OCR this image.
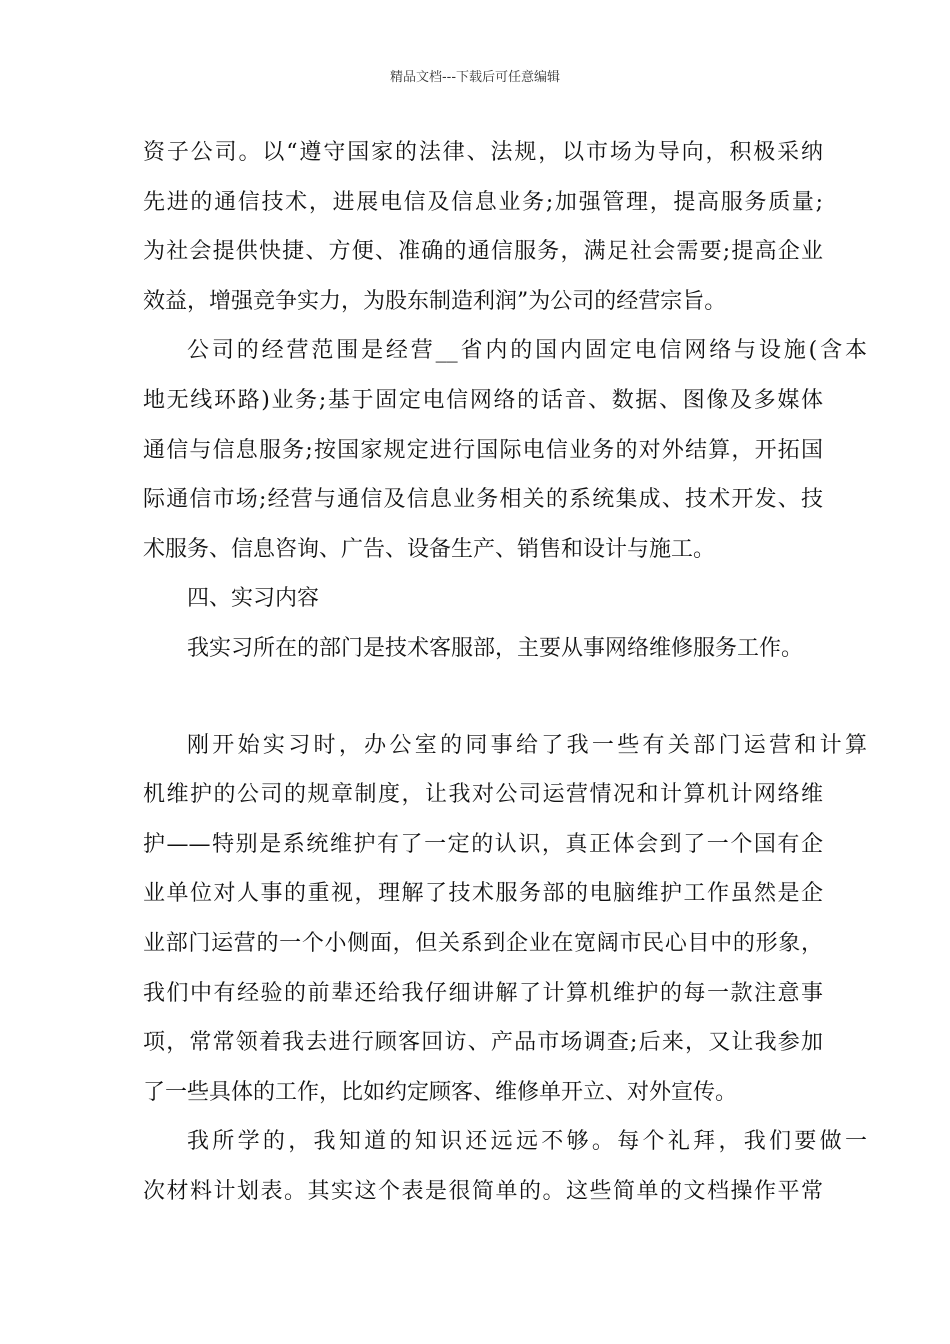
精品文档---下载后可任意编辑
资子公司。以“遵守国家的法律、法规，以市场为导向，积极采纳
先进的通信技术，进展电信及信息业务;加强管理，提高服务质量;
为社会提供快捷、方便、准确的通信服务，满足社会需要;提高企业
效益，增强竞争实力，为股东制造利润”为公司的经营宗旨。
公司的经营范围是经营__省内的国内固定电信网络与设施(含本
地无线环路)业务;基于固定电信网络的话音、数据、图像及多媒体
通信与信息服务;按国家规定进行国际电信业务的对外结算，开拓国
际通信市场;经营与通信及信息业务相关的系统集成、技术开发、技
术服务、信息咨询、广告、设备生产、销售和设计与施工。
四、实习内容
我实习所在的部门是技术客服部，主要从事网络维修服务工作。
刚开始实习时，办公室的同事给了我一些有关部门运营和计算
机维护的公司的规章制度，让我对公司运营情况和计算机计网络维
护——特别是系统维护有了一定的认识，真正体会到了一个国有企
业单位对人事的重视，理解了技术服务部的电脑维护工作虽然是企
业部门运营的一个小侧面，但关系到企业在宽阔市民心目中的形象，
我们中有经验的前辈还给我仔细讲解了计算机维护的每一款注意事
项，常常领着我去进行顾客回访、产品市场调查;后来，又让我参加
了一些具体的工作，比如约定顾客、维修单开立、对外宣传。
我所学的，我知道的知识还远远不够。每个礼拜，我们要做一
次材料计划表。其实这个表是很简单的。这些简单的文档操作平常
